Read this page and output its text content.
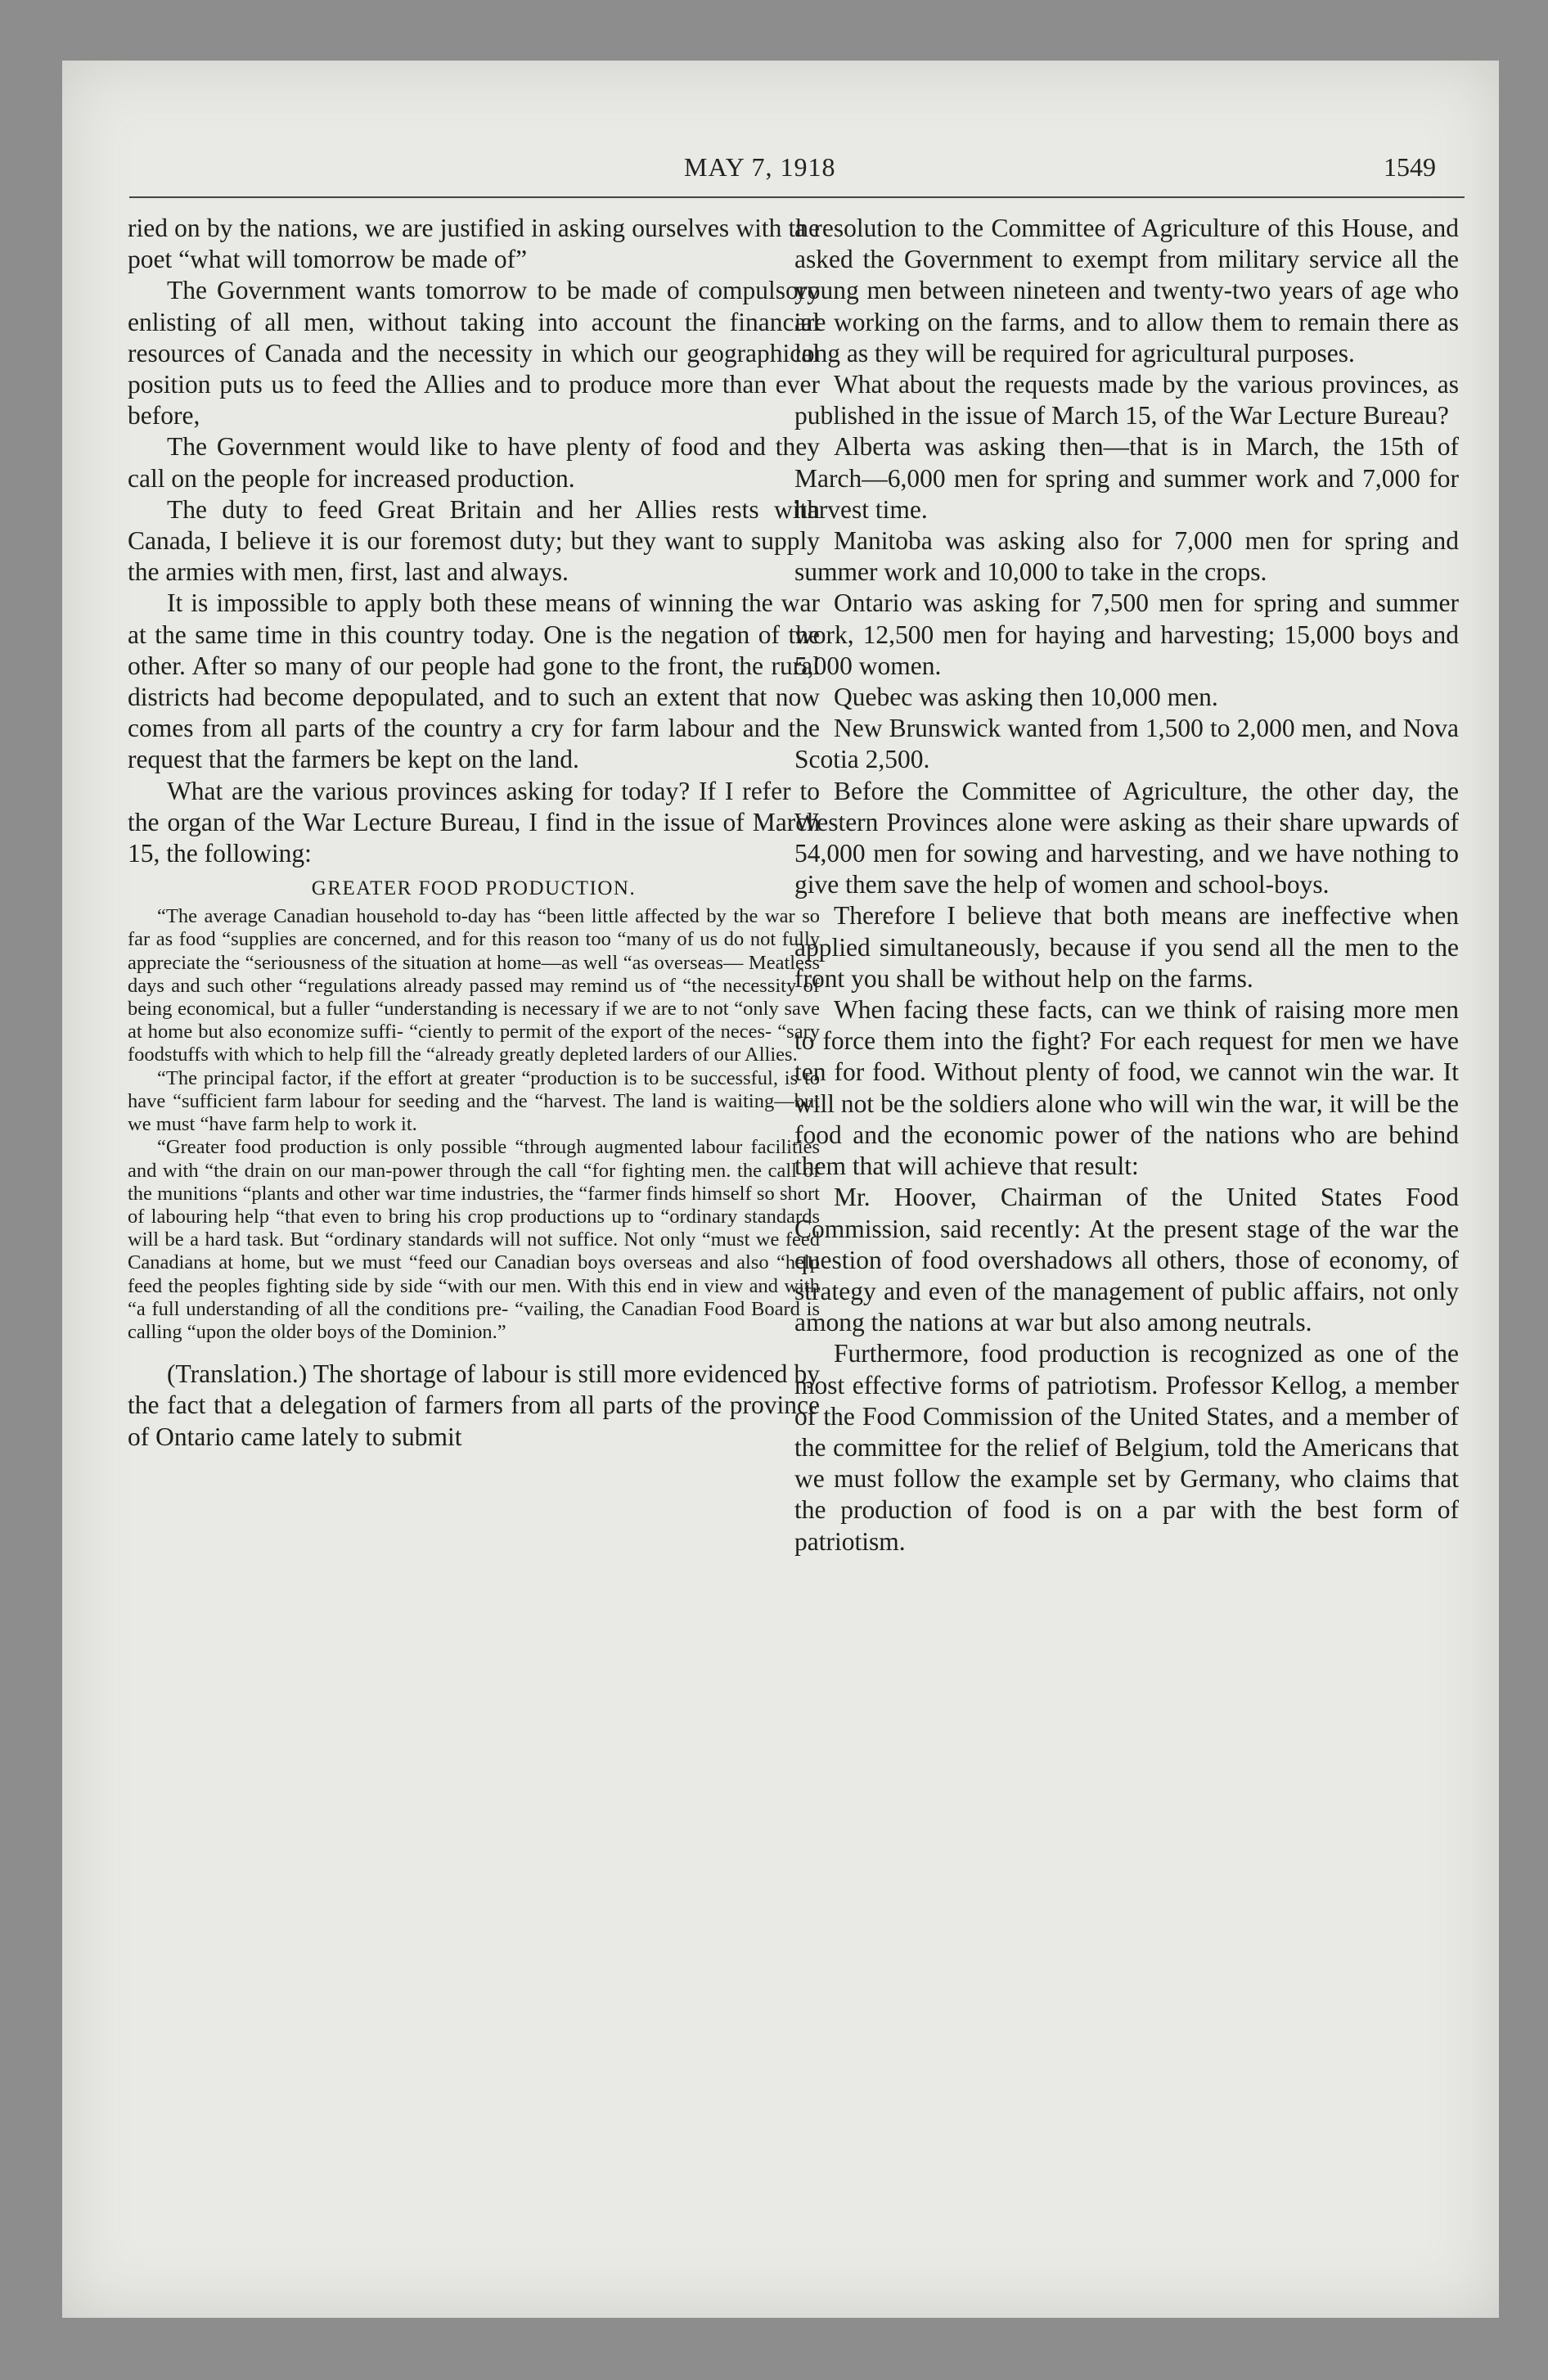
MAY 7, 1918	1549

ried on by the nations, we are justified in asking ourselves with the poet “what will tomorrow be made of”

The Government wants tomorrow to be made of compulsory enlisting of all men, without taking into account the financial resources of Canada and the necessity in which our geographical position puts us to feed the Allies and to produce more than ever before,

The Government would like to have plenty of food and they call on the people for increased production.

The duty to feed Great Britain and her Allies rests with Canada, I believe it is our foremost duty; but they want to supply the armies with men, first, last and always.

It is impossible to apply both these means of winning the war at the same time in this country today. One is the negation of the other. After so many of our people had gone to the front, the rural districts had become depopulated, and to such an extent that now comes from all parts of the country a cry for farm labour and the request that the farmers be kept on the land.

What are the various provinces asking for today? If I refer to the organ of the War Lecture Bureau, I find in the issue of March 15, the following:

GREATER FOOD PRODUCTION.

“The average Canadian household to-day has “been little affected by the war so far as food “supplies are concerned, and for this reason too “many of us do not fully appreciate the “seriousness of the situation at home—as well “as overseas— Meatless days and such other “regulations already passed may remind us of “the necessity of being economical, but a fuller “understanding is necessary if we are to not “only save at home but also economize suffi- “ciently to permit of the export of the neces- “sary foodstuffs with which to help fill the “already greatly depleted larders of our Allies.

“The principal factor, if the effort at greater “production is to be successful, is to have “sufficient farm labour for seeding and the “harvest. The land is waiting—but we must “have farm help to work it.

“Greater food production is only possible “through augmented labour facilities and with “the drain on our man-power through the call “for fighting men. the call of the munitions “plants and other war time industries, the “farmer finds himself so short of labouring help “that even to bring his crop productions up to “ordinary standards will be a hard task. But “ordinary standards will not suffice. Not only “must we feed Canadians at home, but we must “feed our Canadian boys overseas and also “help feed the peoples fighting side by side “with our men. With this end in view and with “a full understanding of all the conditions pre- “vailing, the Canadian Food Board is calling “upon the older boys of the Dominion.”

(Translation.) The shortage of labour is still more evidenced by the fact that a delegation of farmers from all parts of the province of Ontario came lately to submit

a resolution to the Committee of Agriculture of this House, and asked the Government to exempt from military service all the young men between nineteen and twenty-two years of age who are working on the farms, and to allow them to remain there as long as they will be required for agricultural purposes.

What about the requests made by the various provinces, as published in the issue of March 15, of the War Lecture Bureau?

Alberta was asking then—that is in March, the 15th of March—6,000 men for spring and summer work and 7,000 for harvest time.

Manitoba was asking also for 7,000 men for spring and summer work and 10,000 to take in the crops.

Ontario was asking for 7,500 men for spring and summer work, 12,500 men for haying and harvesting; 15,000 boys and 5,000 women.

Quebec was asking then 10,000 men.

New Brunswick wanted from 1,500 to 2,000 men, and Nova Scotia 2,500.

Before the Committee of Agriculture, the other day, the Western Provinces alone were asking as their share upwards of 54,000 men for sowing and harvesting, and we have nothing to give them save the help of women and school-boys.

Therefore I believe that both means are ineffective when applied simultaneously, because if you send all the men to the front you shall be without help on the farms.

When facing these facts, can we think of raising more men to force them into the fight? For each request for men we have ten for food. Without plenty of food, we cannot win the war. It will not be the soldiers alone who will win the war, it will be the food and the economic power of the nations who are behind them that will achieve that result:

Mr. Hoover, Chairman of the United States Food Commission, said recently: At the present stage of the war the question of food overshadows all others, those of economy, of strategy and even of the management of public affairs, not only among the nations at war but also among neutrals.

Furthermore, food production is recognized as one of the most effective forms of patriotism. Professor Kellog, a member of the Food Commission of the United States, and a member of the committee for the relief of Belgium, told the Americans that we must follow the example set by Germany, who claims that the production of food is on a par with the best form of patriotism.
